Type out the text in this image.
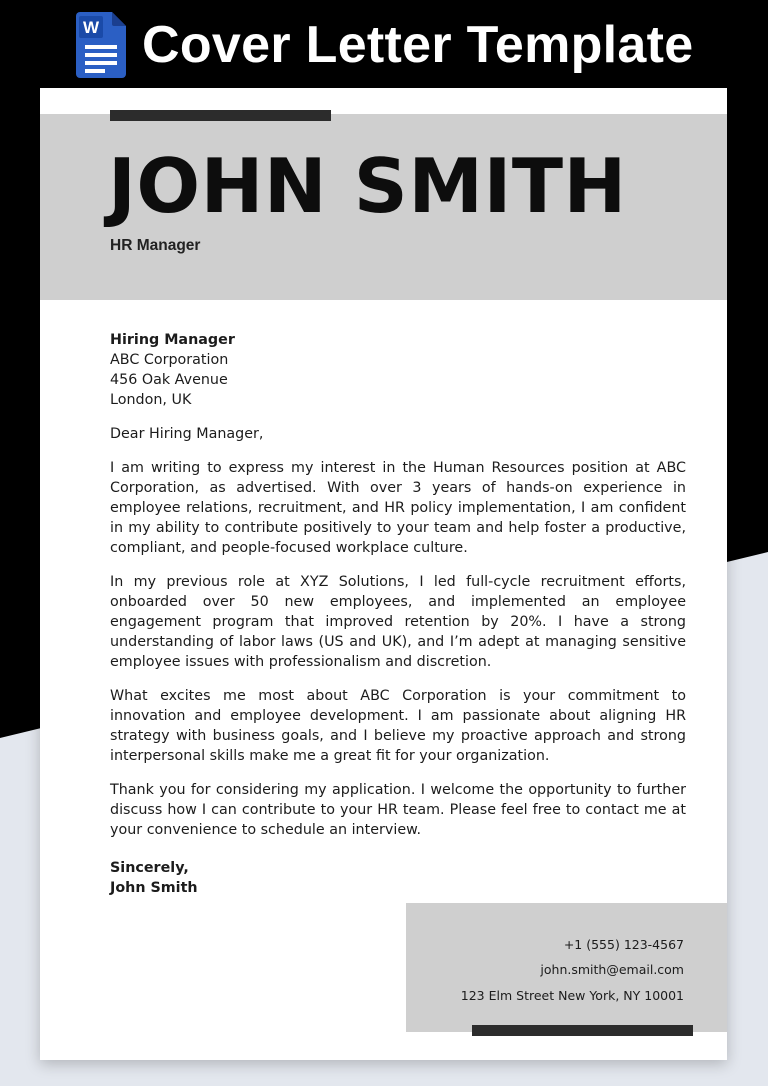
W Cover Letter Template
JOHN SMITH
HR Manager

Hiring Manager

ABC Corporation

456 Oak Avenue

London, UK

Dear Hiring Manager,

I am writing to express my interest in the Human Resources position at ABC Corporation, as advertised. With over 3 years of hands-on experience in employee relations, recruitment, and HR policy implementation, I am confident in my ability to contribute positively to your team and help foster a productive, compliant, and people-focused workplace culture.

In my previous role at XYZ Solutions, I led full-cycle recruitment efforts, onboarded over 50 new employees, and implemented an employee engagement program that improved retention by 20%. I have a strong understanding of labor laws (US and UK), and I’m adept at managing sensitive employee issues with professionalism and discretion.

What excites me most about ABC Corporation is your commitment to innovation and employee development. I am passionate about aligning HR strategy with business goals, and I believe my proactive approach and strong interpersonal skills make me a great fit for your organization.

Thank you for considering my application. I welcome the opportunity to further discuss how I can contribute to your HR team. Please feel free to contact me at your convenience to schedule an interview.

Sincerely,

John Smith

+1 (555) 123-4567
john.smith@email.com
123 Elm Street New York, NY 10001
